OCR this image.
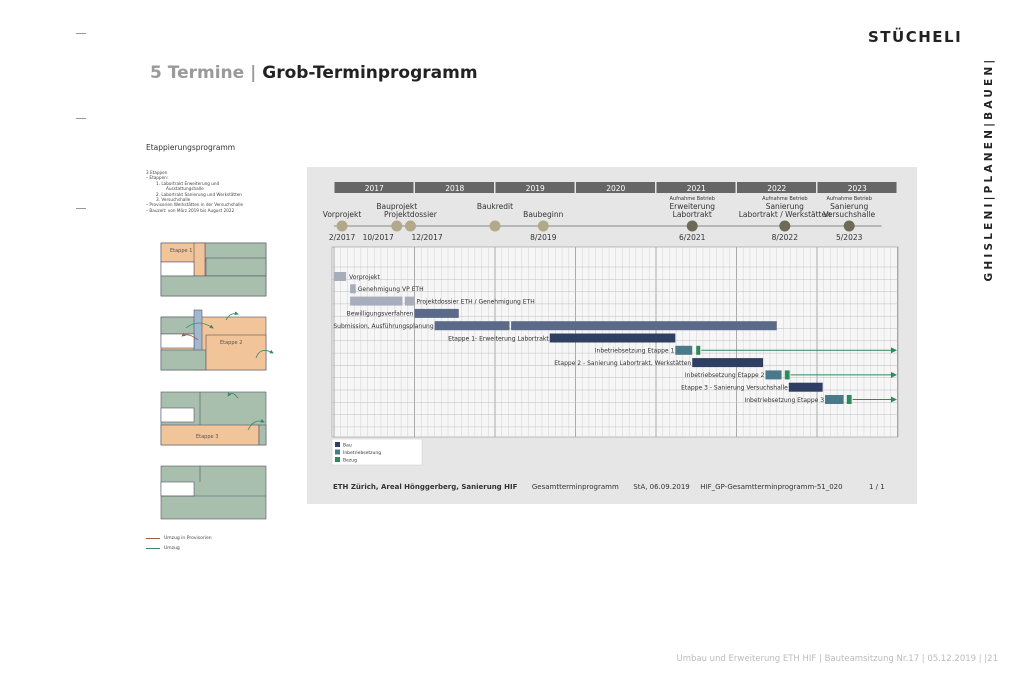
STÜCHELI
GHISLENI|PLANEN|BAUEN|
5 Termine | Grob-Terminprogramm
Etappierungsprogramm
3 Etappen
– Etappen:
1. Labortrakt Erweiterung und
Ausstattungshalle
2. Labortrakt Sanierung und Werkstätten
3. Versuchshalle
– Provisorien Werkstätten in der Versuchshalle
– Bauzeit: von März 2019 bis August 2022
Etappe 1
Etappe 2
Etappe 3
Umzug in Provisorien
Umzug
2017	2018	2019	2020	2021	2022	2023
Vorprojekt
2/2017
Bauprojekt
10/2017
Projektdossier
12/2017
Baukredit
Baubeginn
8/2019
Aufnahme Betrieb
Erweiterung
Labortrakt
6/2021
Aufnahme Betrieb
Sanierung
Labortrakt / Werkstätten
8/2022
Aufnahme Betrieb
Sanierung
Versuchshalle
5/2023
Vorprojekt
Genehmigung VP ETH
Projektdossier ETH / Genehmigung ETH
Bewilligungsverfahren
Submission, Ausführungsplanung
Etappe 1- Erweiterung Labortrakt
Inbetriebsetzung Etappe 1
Etappe 2 - Sanierung Labortrakt, Werkstätten
Inbetriebsetzung Etappe 2
Etappe 3 - Sanierung Versuchshalle
Inbetriebsetzung Etappe 3
Bau
Inbetriebsetzung
Bezug
ETH Zürich, Areal Hönggerberg, Sanierung HIF Gesamtterminprogramm StA, 06.09.2019 HIF_GP-Gesamtterminprogramm-51_020	1 / 1
Umbau und Erweiterung ETH HIF | Bauteamsitzung Nr.17 | 05.12.2019 | |21
